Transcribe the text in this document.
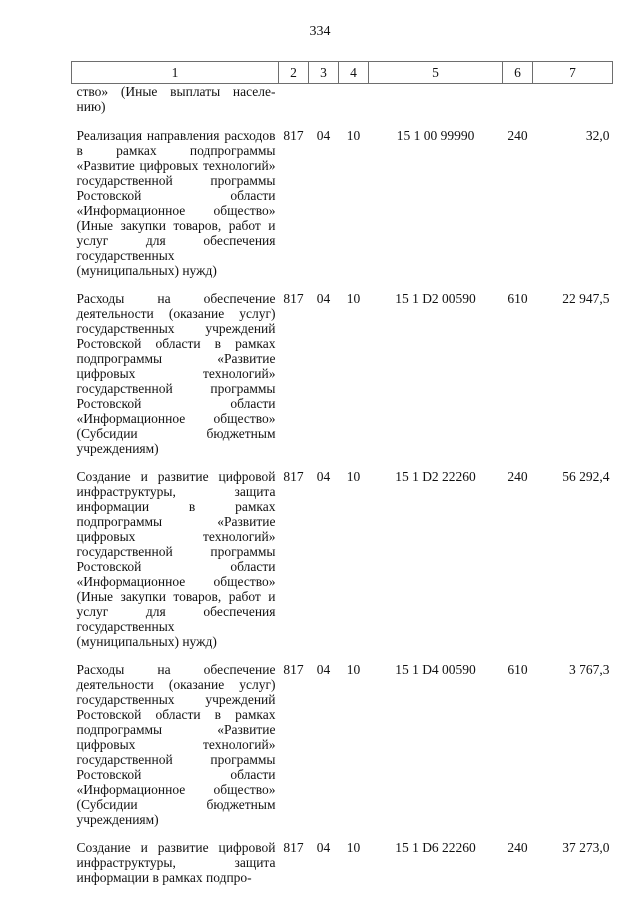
334
1	2	3	4	5	6	7
ство» (Иные выплаты населе-нию)						
Реализация направления расходов в рамках подпрограммы «Развитие цифровых технологий» государственной программы Ростовской области «Информационное общество» (Иные закупки товаров, работ и услуг для обеспечения государственных (муниципальных) нужд)	817	04	10	15 1 00 99990	240	32,0
Расходы на обеспечение деятельности (оказание услуг) государственных учреждений Ростовской области в рамках подпрограммы «Развитие цифровых технологий» государственной программы Ростовской области «Информационное общество» (Субсидии бюджетным учреждениям)	817	04	10	15 1 D2 00590	610	22 947,5
Создание и развитие цифровой инфраструктуры, защита информации в рамках подпрограммы «Развитие цифровых технологий» государственной программы Ростовской области «Информационное общество» (Иные закупки товаров, работ и услуг для обеспечения государственных (муниципальных) нужд)	817	04	10	15 1 D2 22260	240	56 292,4
Расходы на обеспечение деятельности (оказание услуг) государственных учреждений Ростовской области в рамках подпрограммы «Развитие цифровых технологий» государственной программы Ростовской области «Информационное общество» (Субсидии бюджетным учреждениям)	817	04	10	15 1 D4 00590	610	3 767,3
Создание и развитие цифровой инфраструктуры, защита информации в рамках подпро-	817	04	10	15 1 D6 22260	240	37 273,0
